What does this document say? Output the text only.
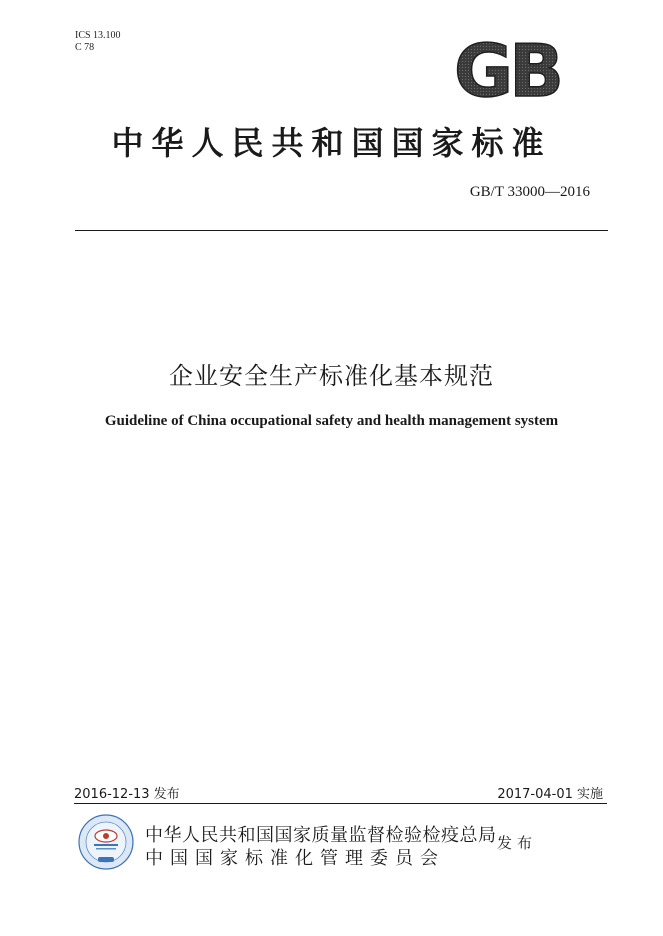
ICS 13.100
C 78	GB
中华人民共和国国家标准
GB/T 33000—2016
企业安全生产标准化基本规范
Guideline of China occupational safety and health management system
2016-12-13 发布	2017-04-01 实施
中华人民共和国国家质量监督检验检疫总局
中国国家标准化管理委员会
发布
